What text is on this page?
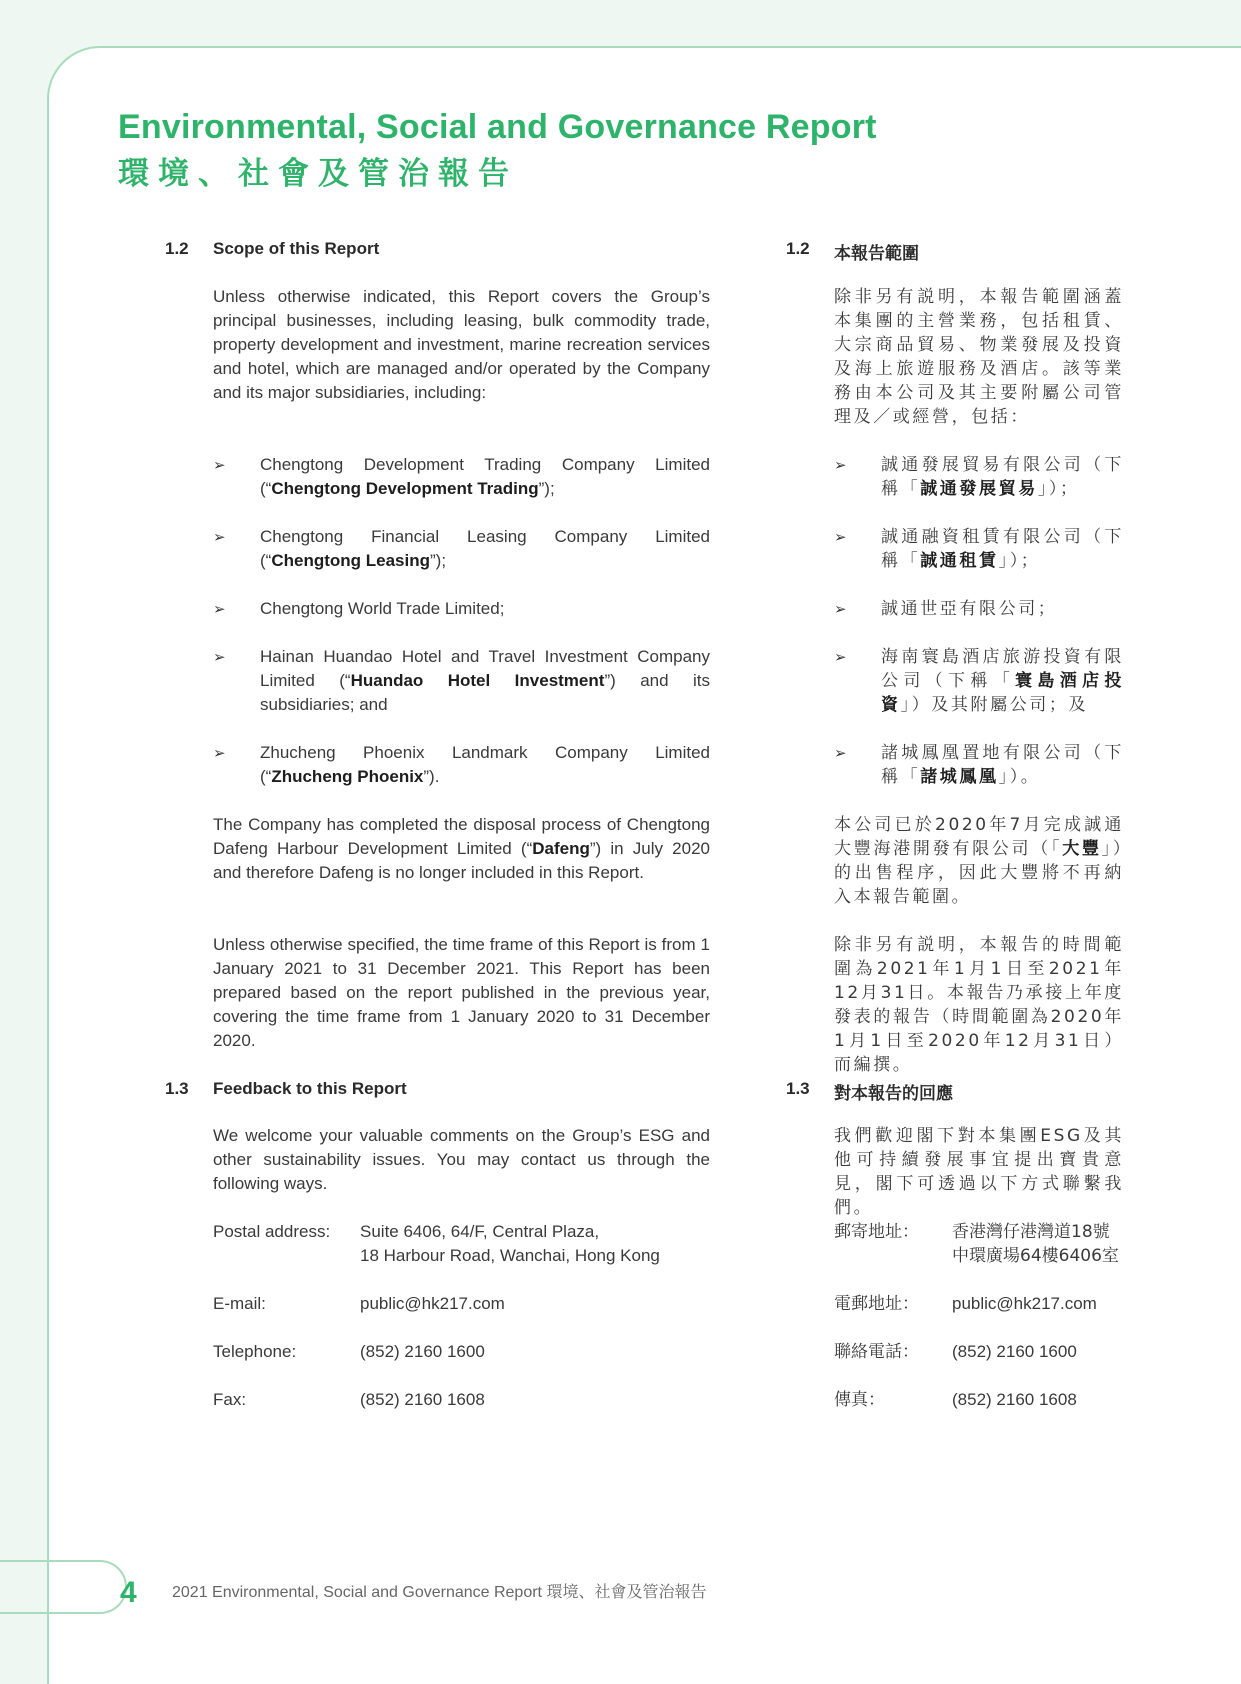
Environmental, Social and Governance Report
環境、社會及管治報告
1.2 Scope of this Report
Unless otherwise indicated, this Report covers the Group’s principal businesses, including leasing, bulk commodity trade, property development and investment, marine recreation services and hotel, which are managed and/or operated by the Company and its major subsidiaries, including:
➢ Chengtong Development Trading Company Limited (“Chengtong Development Trading”);
➢ Chengtong Financial Leasing Company Limited (“Chengtong Leasing”);
➢ Chengtong World Trade Limited;
➢ Hainan Huandao Hotel and Travel Investment Company Limited (“Huandao Hotel Investment”) and its subsidiaries; and
➢ Zhucheng Phoenix Landmark Company Limited (“Zhucheng Phoenix”).
The Company has completed the disposal process of Chengtong Dafeng Harbour Development Limited (“Dafeng”) in July 2020 and therefore Dafeng is no longer included in this Report.
Unless otherwise specified, the time frame of this Report is from 1 January 2021 to 31 December 2021. This Report has been prepared based on the report published in the previous year, covering the time frame from 1 January 2020 to 31 December 2020.
1.3 Feedback to this Report
We welcome your valuable comments on the Group’s ESG and other sustainability issues. You may contact us through the following ways.
Postal address: Suite 6406, 64/F, Central Plaza,
18 Harbour Road, Wanchai, Hong Kong
E-mail:	public@hk217.com
Telephone:	(852) 2160 1600
Fax:	(852) 2160 1608
1.2 本報告範圍
除非另有説明，本報告範圍涵蓋本集團的主營業務，包括租賃、大宗商品貿易、物業發展及投資及海上旅遊服務及酒店。該等業務由本公司及其主要附屬公司管理及／或經營，包括：
➢ 誠通發展貿易有限公司（下稱「誠通發展貿易」）；
➢ 誠通融資租賃有限公司（下稱「誠通租賃」）；
➢ 誠通世亞有限公司；
➢ 海南寰島酒店旅游投資有限公司（下稱「寰島酒店投資」）及其附屬公司；及
➢ 諸城鳳凰置地有限公司（下稱「諸城鳳凰」）。
本公司已於2020年7月完成誠通大豐海港開發有限公司（「大豐」）的出售程序，因此大豐將不再納入本報告範圍。
除非另有説明，本報告的時間範圍為2021年1月1日至2021年12月31日。本報告乃承接上年度發表的報告（時間範圍為2020年1月1日至2020年12月31日）而編撰。
1.3 對本報告的回應
我們歡迎閣下對本集團ESG及其他可持續發展事宜提出寶貴意見，閣下可透過以下方式聯繫我們。
郵寄地址： 香港灣仔港灣道18號
中環廣場64樓6406室
電郵地址： public@hk217.com
聯絡電話： (852) 2160 1600
傳真：	(852) 2160 1608
4 2021 Environmental, Social and Governance Report 環境、社會及管治報告
